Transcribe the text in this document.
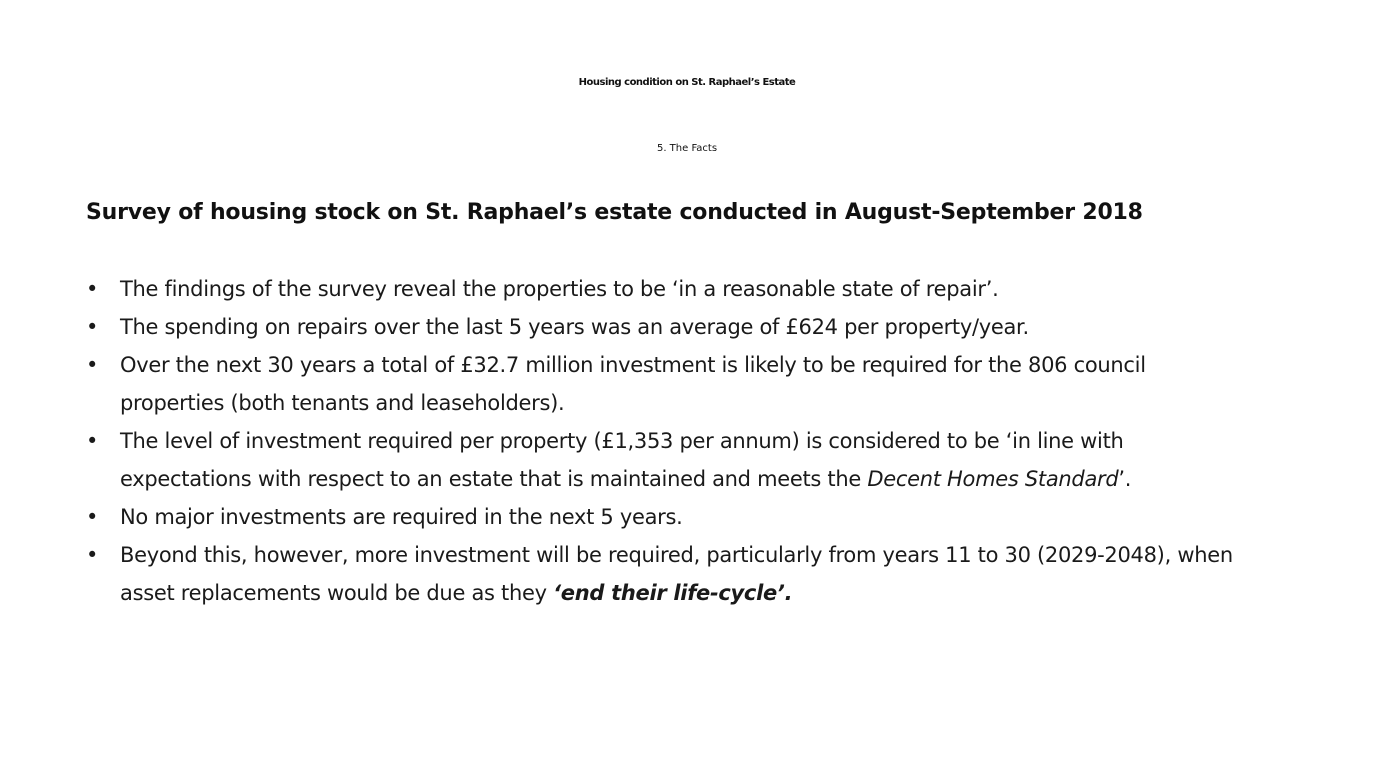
Housing condition on St. Raphael’s Estate
5. The Facts

Survey of housing stock on St. Raphael’s estate conducted in August-September 2018

• The findings of the survey reveal the properties to be ‘in a reasonable state of repair’.
• The spending on repairs over the last 5 years was an average of £624 per property/year.
• Over the next 30 years a total of £32.7 million investment is likely to be required for the 806 council properties (both tenants and leaseholders).
• The level of investment required per property (£1,353 per annum) is considered to be ‘in line with expectations with respect to an estate that is maintained and meets the Decent Homes Standard’.
• No major investments are required in the next 5 years.
• Beyond this, however, more investment will be required, particularly from years 11 to 30 (2029-2048), when asset replacements would be due as they ‘end their life-cycle’.
